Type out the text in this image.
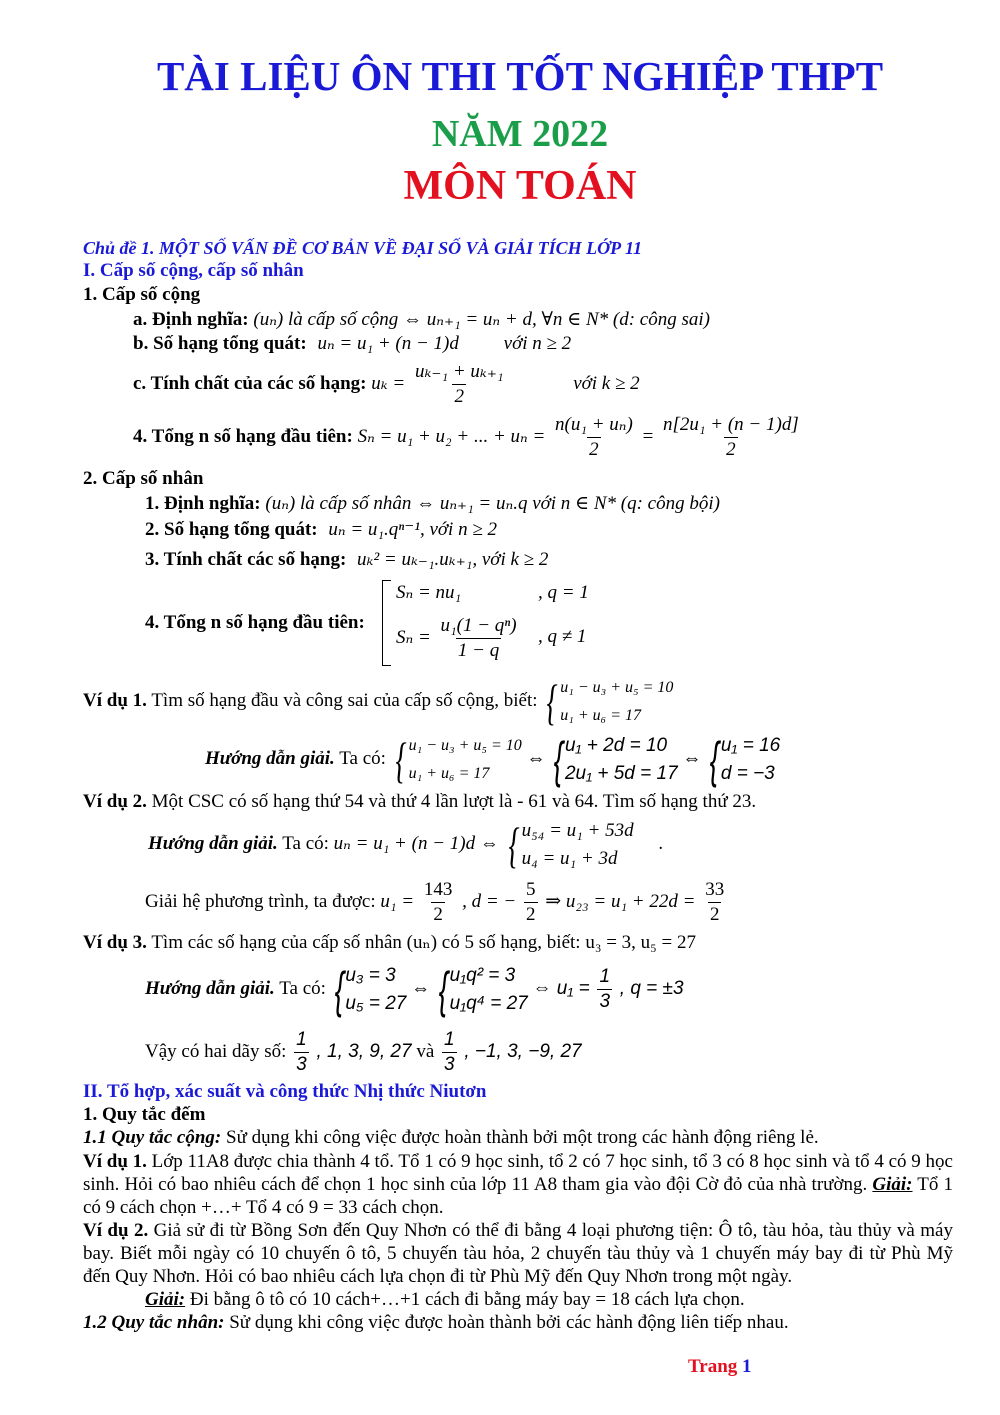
TÀI LIỆU ÔN THI TỐT NGHIỆP THPT
NĂM 2022
MÔN TOÁN
Chủ đề 1. MỘT SỐ VẤN ĐỀ CƠ BẢN VỀ ĐẠI SỐ VÀ GIẢI TÍCH LỚP 11
I. Cấp số cộng, cấp số nhân
1. Cấp số cộng
a. Định nghĩa: (uₙ) là cấp số cộng ⇔ uₙ₊₁ = uₙ + d, ∀n ∈ N* (d: công sai)
b. Số hạng tổng quát: uₙ = u₁ + (n − 1)d với n ≥ 2
c. Tính chất của các số hạng: $u_k = \frac{\text{uₖ₋₁ + uₖ₊₁}}{2}$	với k ≥ 2
4. Tổng n số hạng đầu tiên: Sₙ = u₁ + u₂ + ... + $u_n = \frac{\text{n(u₁ + uₙ)}}{2} = \frac{\text{n[2u₁ + (n − 1)d]}}{2}$
2. Cấp số nhân
1. Định nghĩa: (uₙ) là cấp số nhân ⇔ uₙ₊₁ = uₙ.q với n ∈ N* (q: công bội)
2. Số hạng tổng quát: uₙ = u₁.qⁿ⁻¹, với n ≥ 2
3. Tính chất các số hạng: uₖ² = uₖ₋₁.uₖ₊₁, với k ≥ 2
4. Tổng n số hạng đầu tiên:
Sₙ = nu₁	, q = 1
$S_n = \frac{\text{u₁(1 − qⁿ)}}{1 - q}$ , q ≠ 1
Ví dụ 1. Tìm số hạng đầu và công sai của cấp số cộng, biết: { u₁ − u₃ + u₅ = 10
u₁ + u₆ = 17
Hướng dẫn giải. Ta có: { u₁ − u₃ + u₅ = 10
u₁ + u₆ = 17
⇔ { u₁ + 2d = 10
2u₁ + 5d = 17
⇔ { u₁ = 16
d = −3
Ví dụ 2. Một CSC có số hạng thứ 54 và thứ 4 lần lượt là - 61 và 64. Tìm số hạng thứ 23.
Hướng dẫn giải. Ta có: uₙ = u₁ + (n − 1)d ⇔ { u₅₄ = u₁ + 53d
u₄ = u₁ + 3d
.
Giải hệ phương trình, ta được: $u_1 = \frac{143}{2}$ , d = − $\frac{5}{2}$ ⇒ $u_{23} = u_1 + 22d = \frac{33}{2}$
Ví dụ 3. Tìm các số hạng của cấp số nhân (uₙ) có 5 số hạng, biết: u₃ = 3, u₅ = 27
Hướng dẫn giải. Ta có: { u₃ = 3
u₅ = 27
⇔ { u₁q² = 3
u₁q⁴ = 27
⇔ $u_1 = \frac{1}{3}$ , q = ±3
Vậy có hai dãy số: $\frac{1}{3}$ , 1, 3, 9, 27 và $\frac{1}{3}$ , −1, 3, −9, 27
II. Tổ hợp, xác suất và công thức Nhị thức Niutơn
1. Quy tắc đếm
1.1 Quy tắc cộng: Sử dụng khi công việc được hoàn thành bởi một trong các hành động riêng lẻ.
Ví dụ 1. Lớp 11A8 được chia thành 4 tổ. Tổ 1 có 9 học sinh, tổ 2 có 7 học sinh, tổ 3 có 8 học sinh và tổ 4 có 9 học sinh. Hỏi có bao nhiêu cách để chọn 1 học sinh của lớp 11 A8 tham gia vào đội Cờ đỏ của nhà trường. Giải: Tổ 1 có 9 cách chọn +…+ Tổ 4 có 9 = 33 cách chọn.
Ví dụ 2. Giả sử đi từ Bồng Sơn đến Quy Nhơn có thể đi bằng 4 loại phương tiện: Ô tô, tàu hỏa, tàu thủy và máy bay. Biết mỗi ngày có 10 chuyến ô tô, 5 chuyến tàu hỏa, 2 chuyến tàu thủy và 1 chuyến máy bay đi từ Phù Mỹ đến Quy Nhơn. Hỏi có bao nhiêu cách lựa chọn đi từ Phù Mỹ đến Quy Nhơn trong một ngày.
Giải: Đi bằng ô tô có 10 cách+…+1 cách đi bằng máy bay = 18 cách lựa chọn.
1.2 Quy tắc nhân: Sử dụng khi công việc được hoàn thành bởi các hành động liên tiếp nhau.
Trang 1
